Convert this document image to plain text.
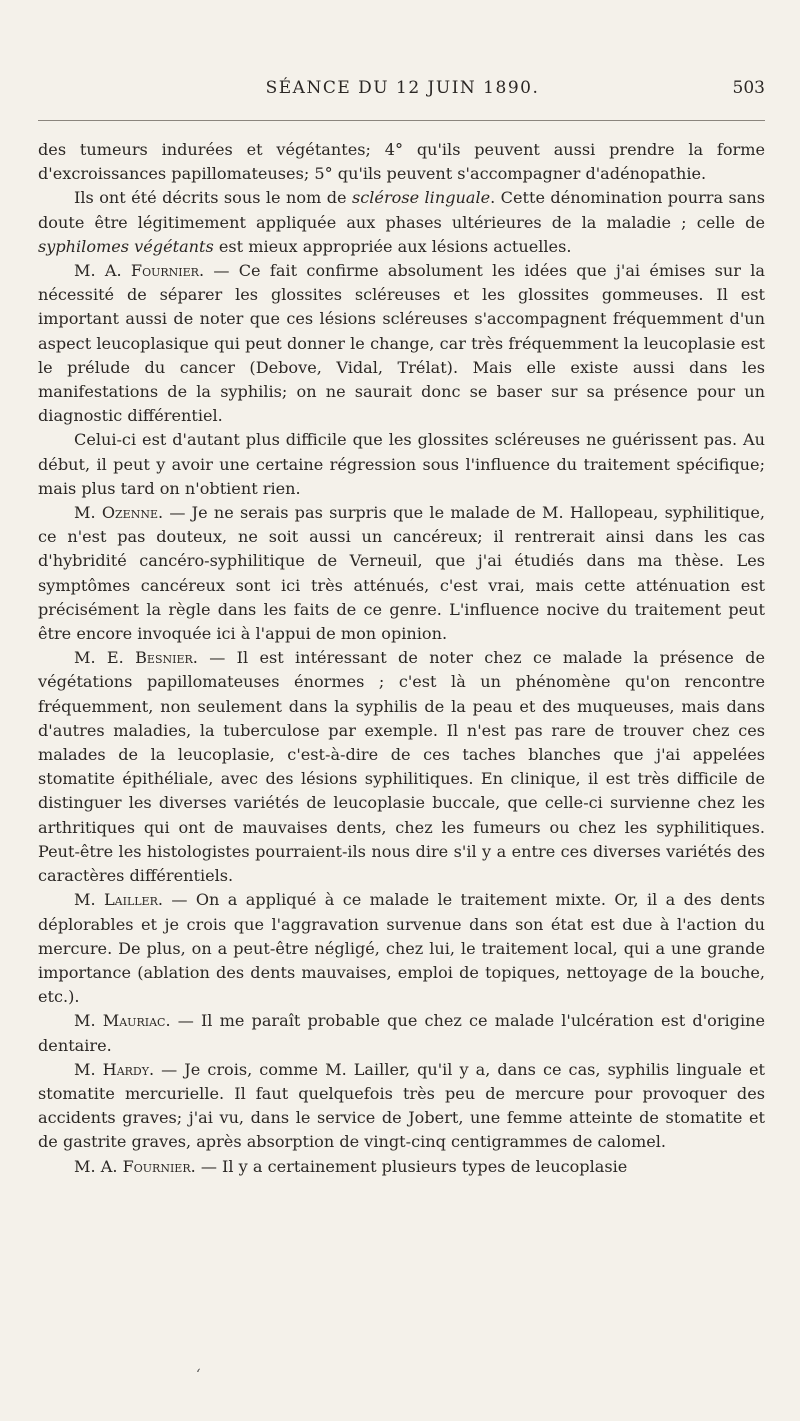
SÉANCE DU 12 JUIN 1890.	503

des tumeurs indurées et végétantes; 4° qu'ils peuvent aussi prendre la forme d'excroissances papillomateuses; 5° qu'ils peuvent s'accompagner d'adénopathie.

Ils ont été décrits sous le nom de sclérose linguale. Cette dénomination pourra sans doute être légitimement appliquée aux phases ultérieures de la maladie ; celle de syphilomes végétants est mieux appropriée aux lésions actuelles.

M. A. Fournier. — Ce fait confirme absolument les idées que j'ai émises sur la nécessité de séparer les glossites scléreuses et les glossites gommeuses. Il est important aussi de noter que ces lésions scléreuses s'accompagnent fréquemment d'un aspect leucoplasique qui peut donner le change, car très fréquemment la leucoplasie est le prélude du cancer (Debove, Vidal, Trélat). Mais elle existe aussi dans les manifestations de la syphilis; on ne saurait donc se baser sur sa présence pour un diagnostic différentiel.

Celui-ci est d'autant plus difficile que les glossites scléreuses ne guérissent pas. Au début, il peut y avoir une certaine régression sous l'influence du traitement spécifique; mais plus tard on n'obtient rien.

M. Ozenne. — Je ne serais pas surpris que le malade de M. Hallopeau, syphilitique, ce n'est pas douteux, ne soit aussi un cancéreux; il rentrerait ainsi dans les cas d'hybridité cancéro-syphilitique de Verneuil, que j'ai étudiés dans ma thèse. Les symptômes cancéreux sont ici très atténués, c'est vrai, mais cette atténuation est précisément la règle dans les faits de ce genre. L'influence nocive du traitement peut être encore invoquée ici à l'appui de mon opinion.

M. E. Besnier. — Il est intéressant de noter chez ce malade la présence de végétations papillomateuses énormes ; c'est là un phénomène qu'on rencontre fréquemment, non seulement dans la syphilis de la peau et des muqueuses, mais dans d'autres maladies, la tuberculose par exemple. Il n'est pas rare de trouver chez ces malades de la leucoplasie, c'est-à-dire de ces taches blanches que j'ai appelées stomatite épithéliale, avec des lésions syphilitiques. En clinique, il est très difficile de distinguer les diverses variétés de leucoplasie buccale, que celle-ci survienne chez les arthritiques qui ont de mauvaises dents, chez les fumeurs ou chez les syphilitiques. Peut-être les histologistes pourraient-ils nous dire s'il y a entre ces diverses variétés des caractères différentiels.

M. Lailler. — On a appliqué à ce malade le traitement mixte. Or, il a des dents déplorables et je crois que l'aggravation survenue dans son état est due à l'action du mercure. De plus, on a peut-être négligé, chez lui, le traitement local, qui a une grande importance (ablation des dents mauvaises, emploi de topiques, nettoyage de la bouche, etc.).

M. Mauriac. — Il me paraît probable que chez ce malade l'ulcération est d'origine dentaire.

M. Hardy. — Je crois, comme M. Lailler, qu'il y a, dans ce cas, syphilis linguale et stomatite mercurielle. Il faut quelquefois très peu de mercure pour provoquer des accidents graves; j'ai vu, dans le service de Jobert, une femme atteinte de stomatite et de gastrite graves, après absorption de vingt-cinq centigrammes de calomel.

M. A. Fournier. — Il y a certainement plusieurs types de leucoplasie

ʻ
